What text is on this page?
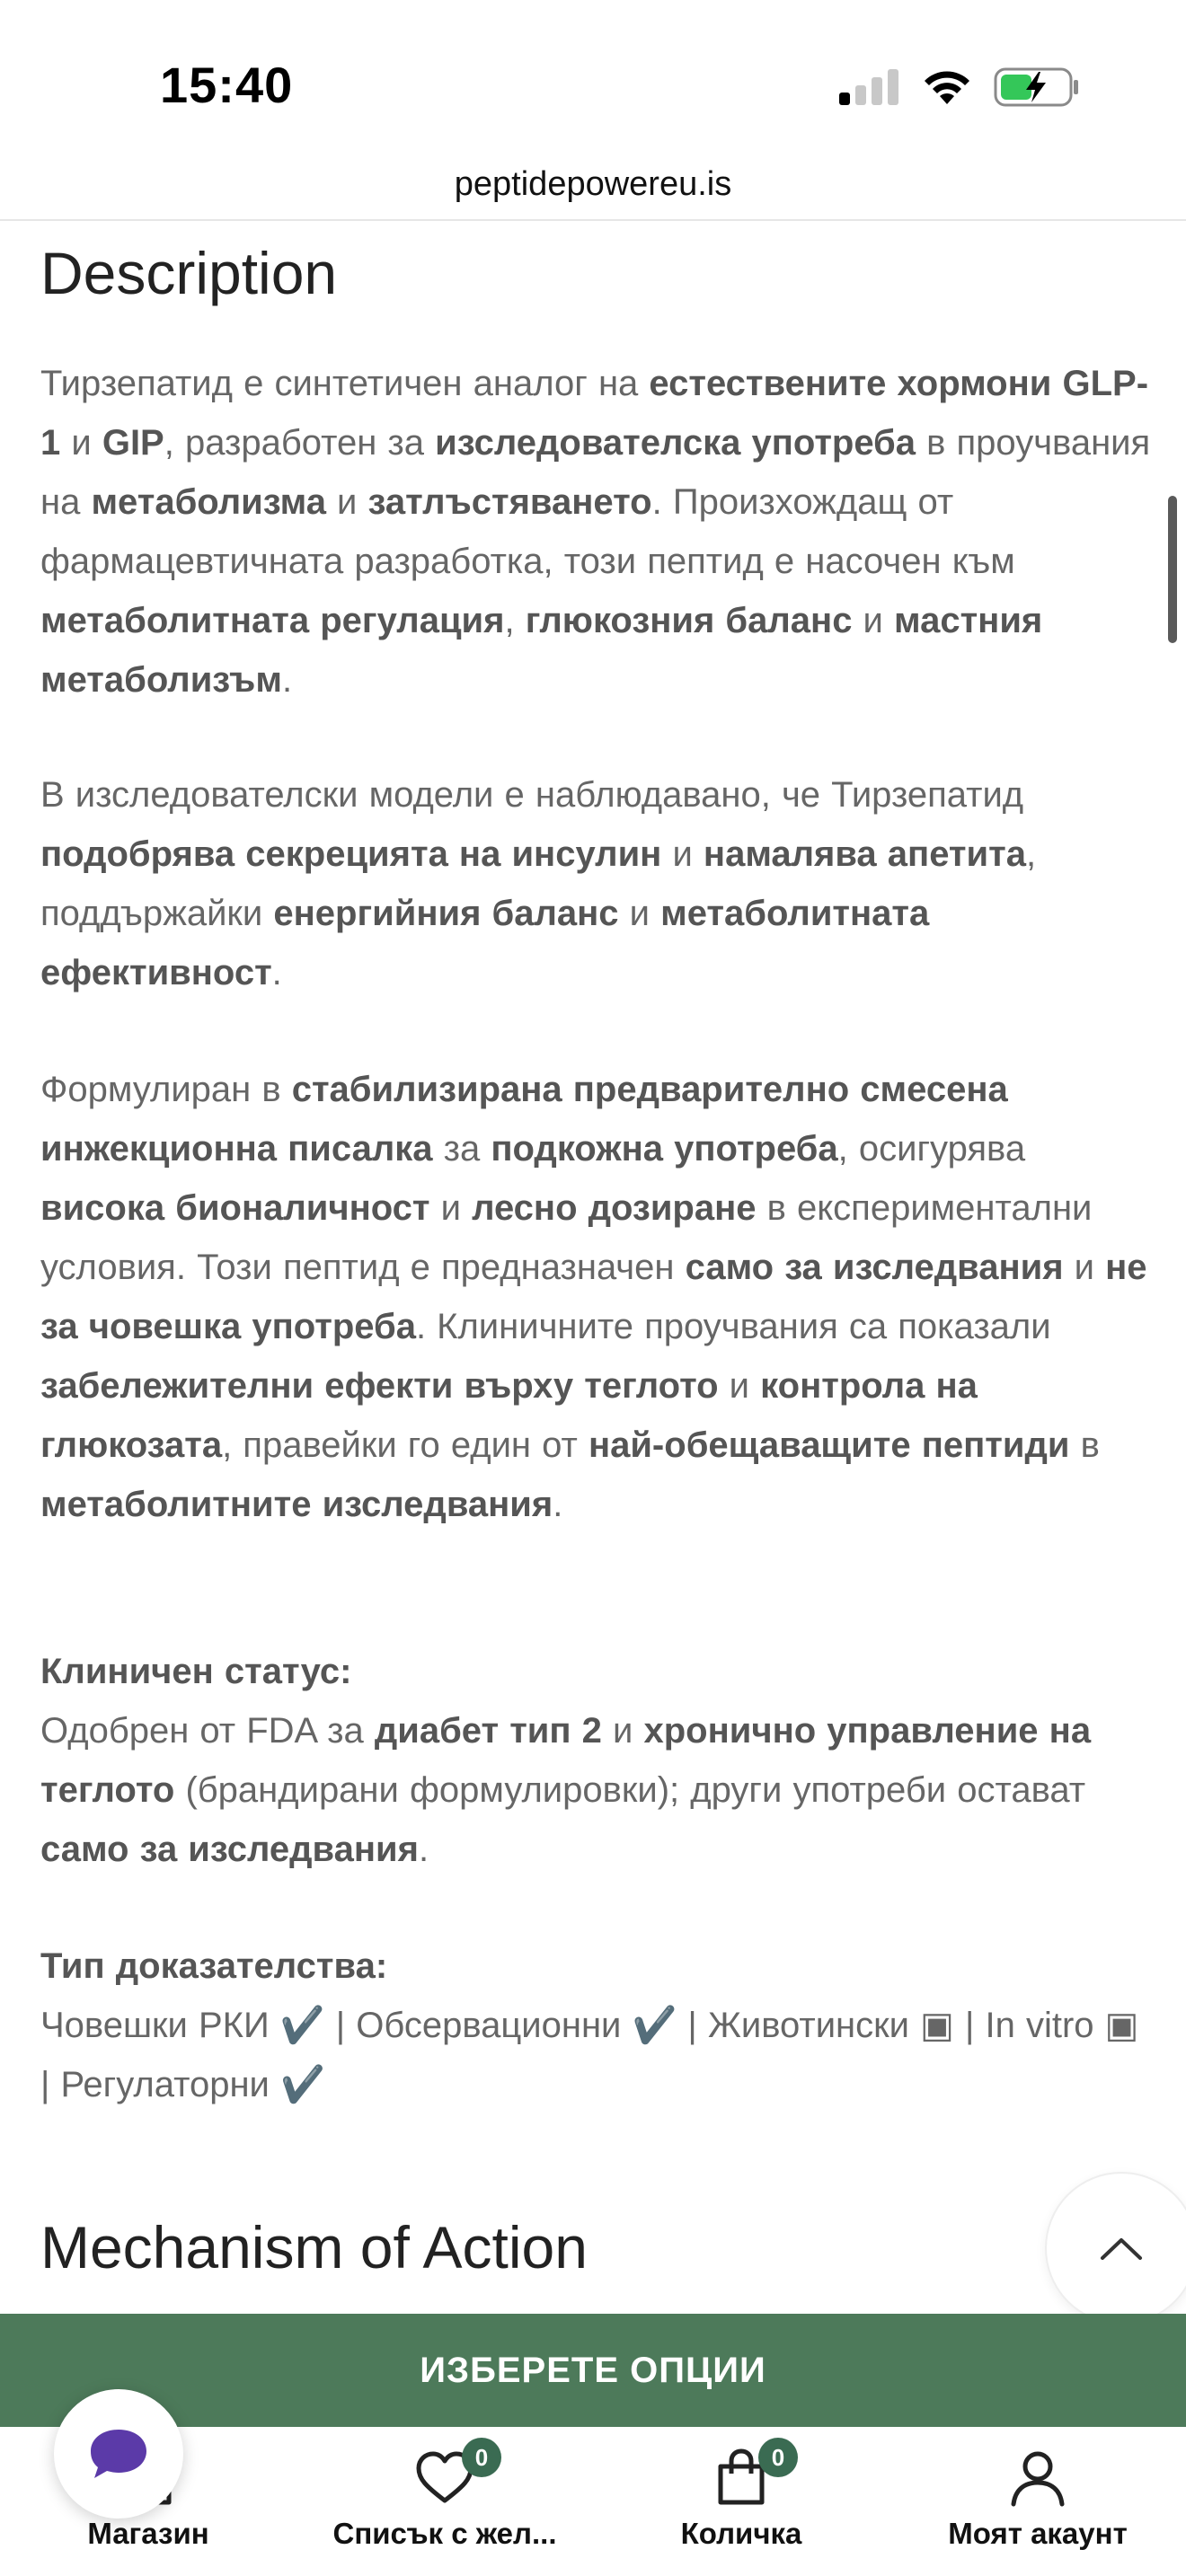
15:40
peptidepowereu.is
Description
Тирзепатид е синтетичен аналог на естествените хормони GLP-1 и GIP, разработен за изследователска употреба в проучвания на метаболизма и затлъстяването. Произхождащ от фармацевтичната разработка, този пептид е насочен към метаболитната регулация, глюкозния баланс и мастния метаболизъм.
В изследователски модели е наблюдавано, че Тирзепатид подобрява секрецията на инсулин и намалява апетита, поддържайки енергийния баланс и метаболитната ефективност.
Формулиран в стабилизирана предварително смесена инжекционна писалка за подкожна употреба, осигурява висока бионаличност и лесно дозиране в експериментални условия. Този пептид е предназначен само за изследвания и не за човешка употреба. Клиничните проучвания са показали забележителни ефекти върху теглото и контрола на глюкозата, правейки го един от най-обещаващите пептиди в метаболитните изследвания.
Клиничен статус:
Одобрен от FDA за диабет тип 2 и хронично управление на теглото (брандирани формулировки); други употреби остават само за изследвания.
Тип доказателства:
Човешки РКИ ✔️ | Обсервационни ✔️ | Животински ▣ | In vitro ▣ | Регулаторни ✔️
Mechanism of Action
ИЗБЕРЕТЕ ОПЦИИ
Магазин
0
Списък с жел...
0
Количка	Моят акаунт
